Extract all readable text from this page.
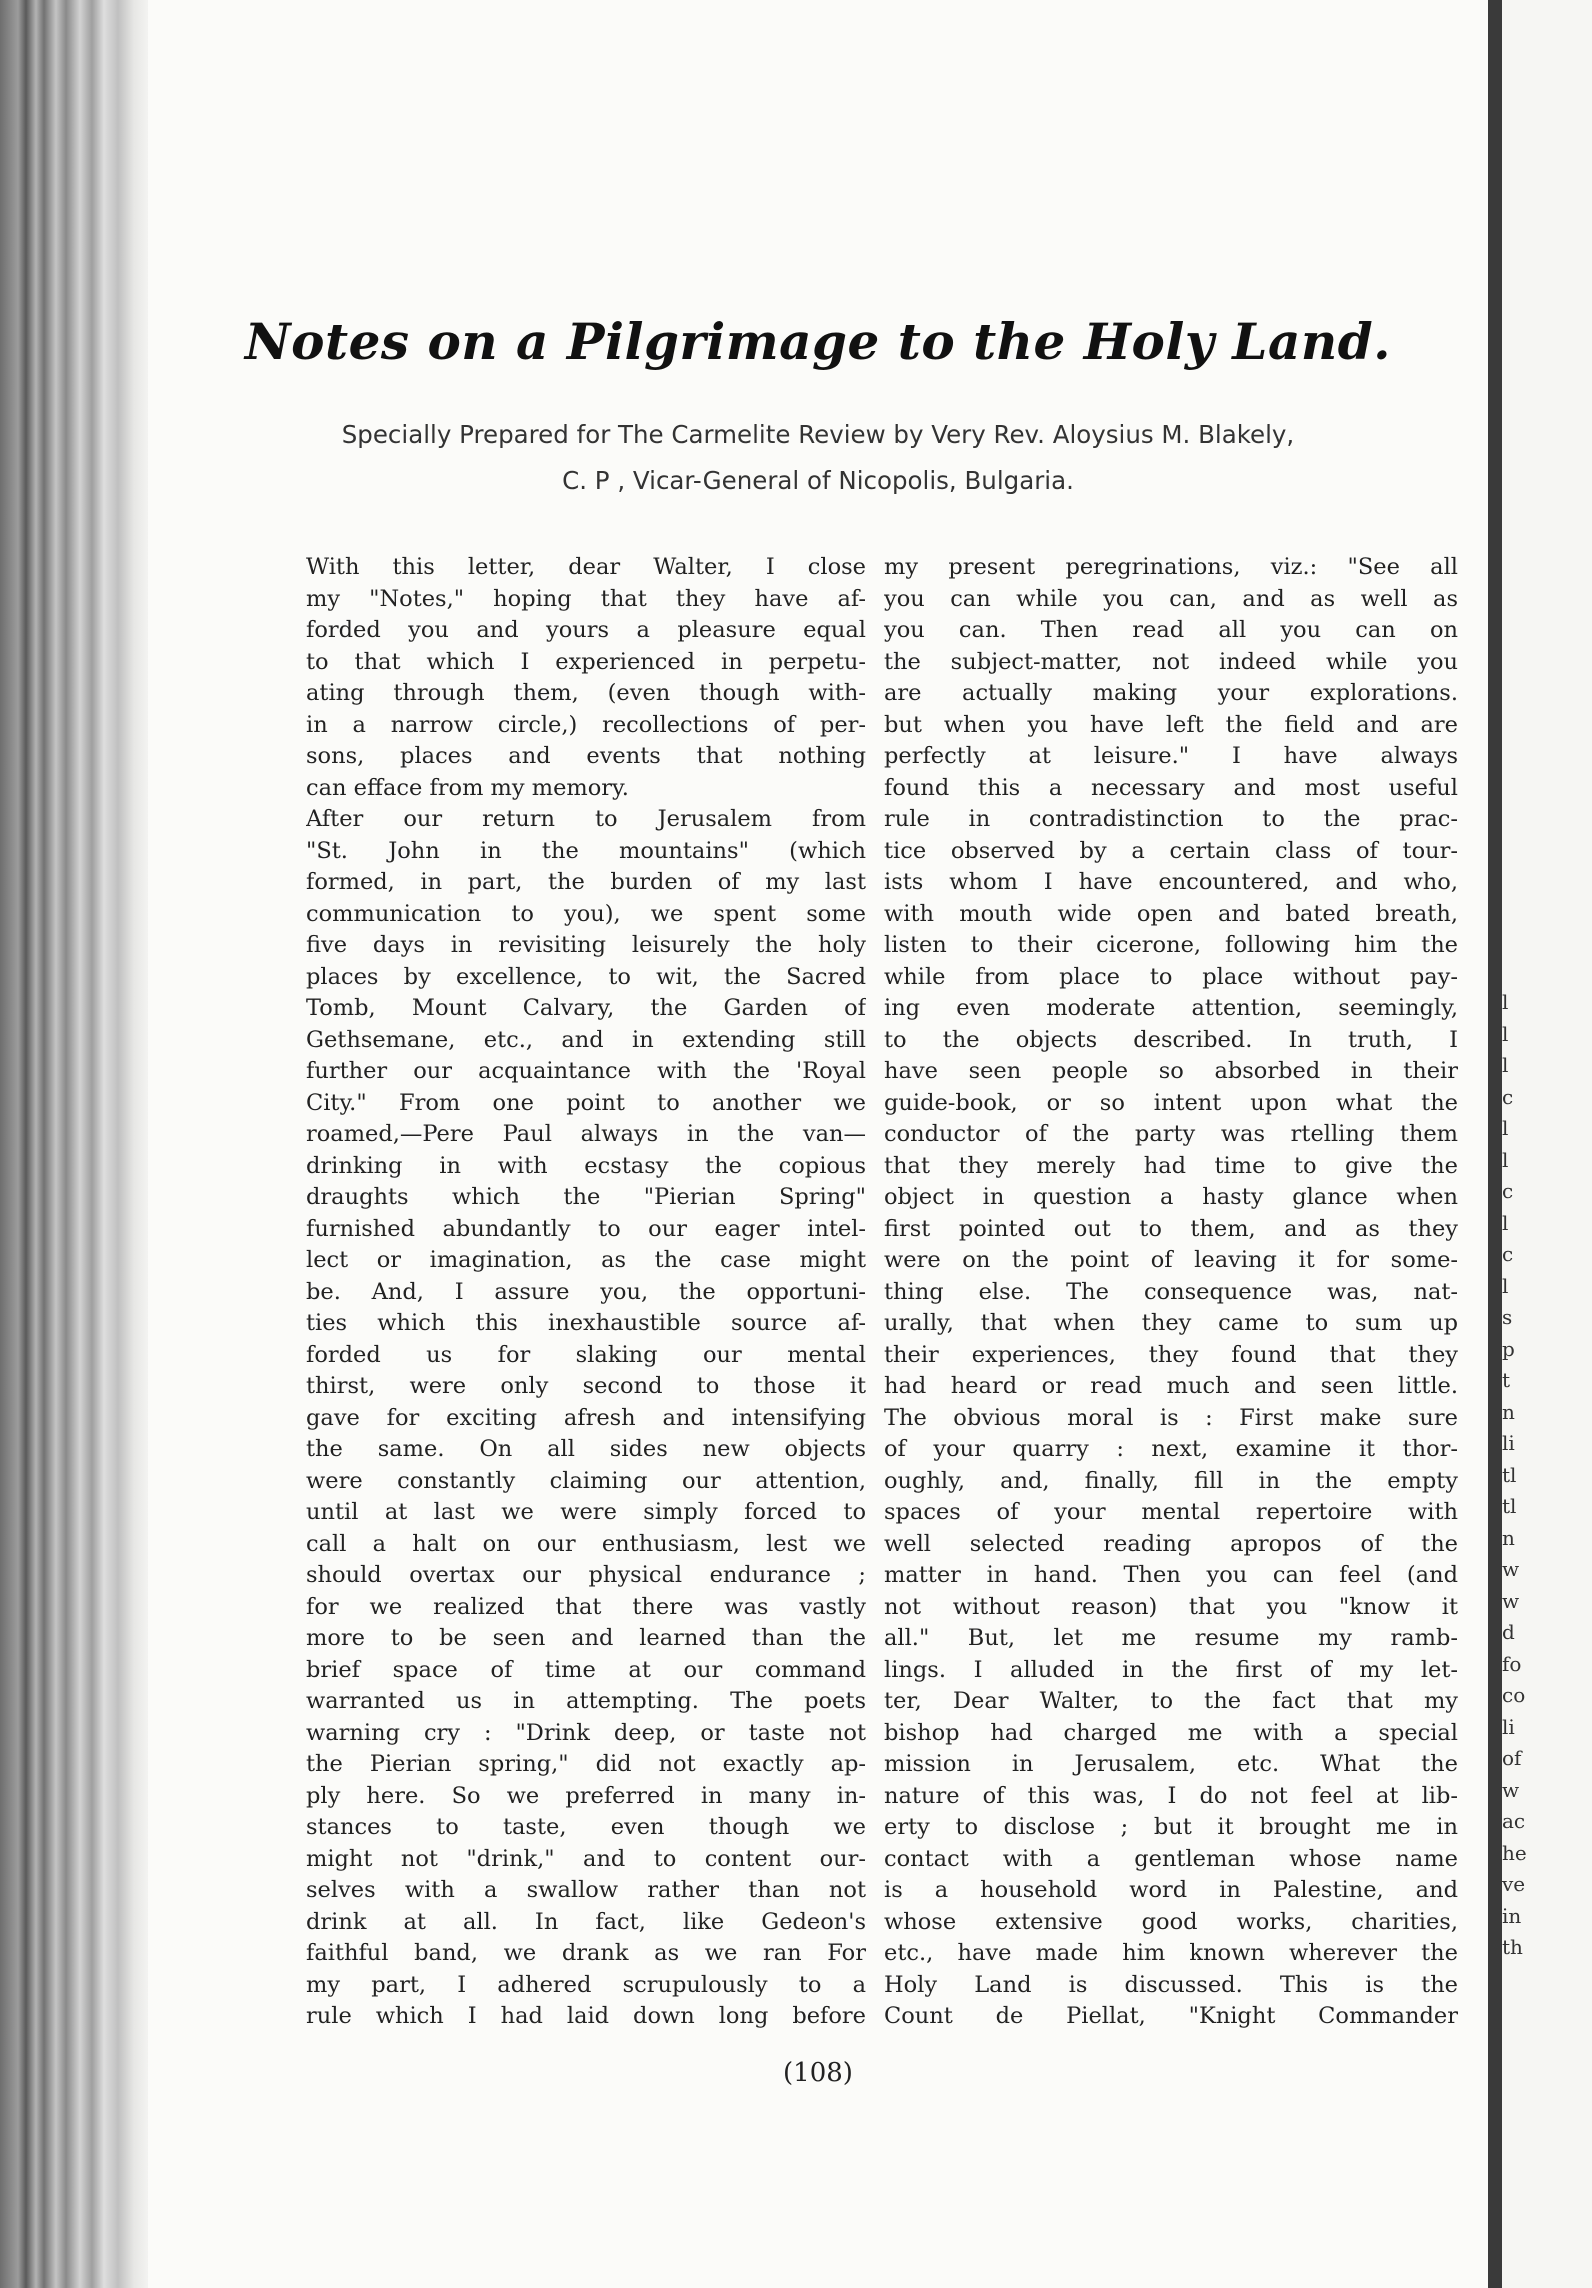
Notes on a Pilgrimage to the Holy Land.
Specially Prepared for The Carmelite Review by Very Rev. Aloysius M. Blakely,
C. P , Vicar-General of Nicopolis, Bulgaria.
With this letter, dear Walter, I close
my "Notes," hoping that they have af-
forded you and yours a pleasure equal
to that which I experienced in perpetu-
ating through them, (even though with-
in a narrow circle,) recollections of per-
sons, places and events that nothing
can efface from my memory.
After our return to Jerusalem from
"St. John in the mountains" (which
formed, in part, the burden of my last
communication to you), we spent some
five days in revisiting leisurely the holy
places by excellence, to wit, the Sacred
Tomb, Mount Calvary, the Garden of
Gethsemane, etc., and in extending still
further our acquaintance with the 'Royal
City." From one point to another we
roamed,—Pere Paul always in the van—
drinking in with ecstasy the copious
draughts which the "Pierian Spring"
furnished abundantly to our eager intel-
lect or imagination, as the case might
be. And, I assure you, the opportuni-
ties which this inexhaustible source af-
forded us for slaking our mental
thirst, were only second to those it
gave for exciting afresh and intensifying
the same. On all sides new objects
were constantly claiming our attention,
until at last we were simply forced to
call a halt on our enthusiasm, lest we
should overtax our physical endurance ;
for we realized that there was vastly
more to be seen and learned than the
brief space of time at our command
warranted us in attempting. The poets
warning cry : "Drink deep, or taste not
the Pierian spring," did not exactly ap-
ply here. So we preferred in many in-
stances to taste, even though we
might not "drink," and to content our-
selves with a swallow rather than not
drink at all. In fact, like Gedeon's
faithful band, we drank as we ran For
my part, I adhered scrupulously to a
rule which I had laid down long before
my present peregrinations, viz.: "See all
you can while you can, and as well as
you can. Then read all you can on
the subject-matter, not indeed while you
are actually making your explorations.
but when you have left the field and are
perfectly at leisure." I have always
found this a necessary and most useful
rule in contradistinction to the prac-
tice observed by a certain class of tour-
ists whom I have encountered, and who,
with mouth wide open and bated breath,
listen to their cicerone, following him the
while from place to place without pay-
ing even moderate attention, seemingly,
to the objects described. In truth, I
have seen people so absorbed in their
guide-book, or so intent upon what the
conductor of the party was rtelling them
that they merely had time to give the
object in question a hasty glance when
first pointed out to them, and as they
were on the point of leaving it for some-
thing else. The consequence was, nat-
urally, that when they came to sum up
their experiences, they found that they
had heard or read much and seen little.
The obvious moral is : First make sure
of your quarry : next, examine it thor-
oughly, and, finally, fill in the empty
spaces of your mental repertoire with
well selected reading apropos of the
matter in hand. Then you can feel (and
not without reason) that you "know it
all." But, let me resume my ramb-
lings. I alluded in the first of my let-
ter, Dear Walter, to the fact that my
bishop had charged me with a special
mission in Jerusalem, etc. What the
nature of this was, I do not feel at lib-
erty to disclose ; but it brought me in
contact with a gentleman whose name
is a household word in Palestine, and
whose extensive good works, charities,
etc., have made him known wherever the
Holy Land is discussed. This is the
Count de Piellat, "Knight Commander
(108)
l
l
l
c
l
l
c
l
c
l
s
p
t
n
li
tl
tl
n
w
w
d
fo
co
li
of
w
ac
he
ve
in
th
